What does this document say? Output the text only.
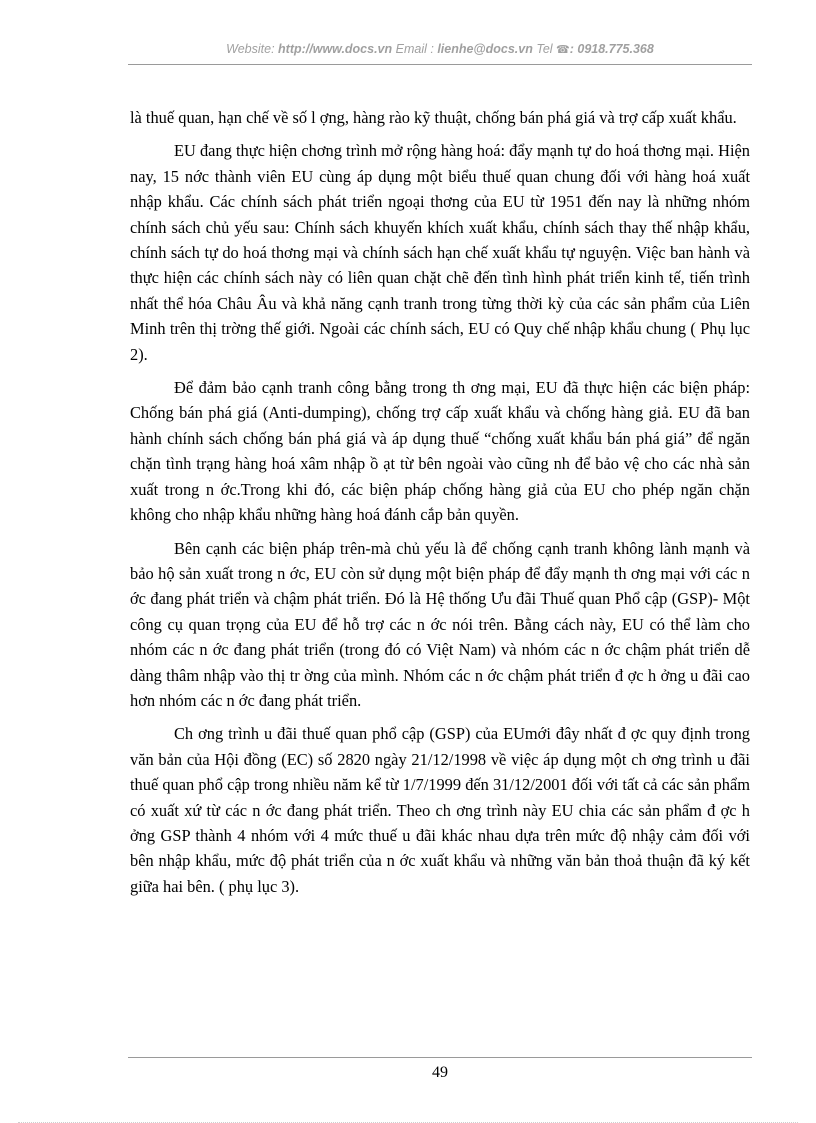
Website: http://www.docs.vn Email : lienhe@docs.vn Tel ☎: 0918.775.368

là thuế quan, hạn chế về số l ợng, hàng rào kỹ thuật, chống bán phá giá và trợ cấp xuất khẩu.

EU đang thực hiện chơng trình mở rộng hàng hoá: đẩy mạnh tự do hoá thơng mại. Hiện nay, 15 nớc thành viên EU cùng áp dụng một biểu thuế quan chung đối với hàng hoá xuất nhập khẩu. Các chính sách phát triển ngoại thơng của EU từ 1951 đến nay là những nhóm chính sách chủ yếu sau: Chính sách khuyến khích xuất khẩu, chính sách thay thế nhập khẩu, chính sách tự do hoá thơng mại và chính sách hạn chế xuất khẩu tự nguyện. Việc ban hành và thực hiện các chính sách này có liên quan chặt chẽ đến tình hình phát triển kinh tế, tiến trình nhất thể hóa Châu Âu và khả năng cạnh tranh trong từng thời kỳ của các sản phẩm của Liên Minh trên thị trờng thế giới. Ngoài các chính sách, EU có Quy chế nhập khẩu chung ( Phụ lục 2).

Để đảm bảo cạnh tranh công bằng trong th ơng mại, EU đã thực hiện các biện pháp: Chống bán phá giá (Anti-dumping), chống trợ cấp xuất khẩu và chống hàng giả. EU đã ban hành chính sách chống bán phá giá và áp dụng thuế “chống xuất khẩu bán phá giá” để ngăn chặn tình trạng hàng hoá xâm nhập ồ ạt từ bên ngoài vào cũng nh để bảo vệ cho các nhà sản xuất trong n ớc.Trong khi đó, các biện pháp chống hàng giả của EU cho phép ngăn chặn không cho nhập khẩu những hàng hoá đánh cắp bản quyền.

Bên cạnh các biện pháp trên-mà chủ yếu là để chống cạnh tranh không lành mạnh và bảo hộ sản xuất trong n ớc, EU còn sử dụng một biện pháp để đẩy mạnh th ơng mại với các n ớc đang phát triển và chậm phát triển. Đó là Hệ thống Ưu đãi Thuế quan Phổ cập (GSP)- Một công cụ quan trọng của EU để hỗ trợ các n ớc nói trên. Bằng cách này, EU có thể làm cho nhóm các n ớc đang phát triển (trong đó có Việt Nam) và nhóm các n ớc chậm phát triển dễ dàng thâm nhập vào thị tr ờng của mình. Nhóm các n ớc chậm phát triển đ ợc h ởng u đãi cao hơn nhóm các n ớc đang phát triển.

Ch ơng trình u đãi thuế quan phổ cập (GSP) của EUmới đây nhất đ ợc quy định trong văn bản của Hội đồng (EC) số 2820 ngày 21/12/1998 về việc áp dụng một ch ơng trình u đãi thuế quan phổ cập trong nhiều năm kể từ 1/7/1999 đến 31/12/2001 đối với tất cả các sản phẩm có xuất xứ từ các n ớc đang phát triển. Theo ch ơng trình này EU chia các sản phẩm đ ợc h ởng GSP thành 4 nhóm với 4 mức thuế u đãi khác nhau dựa trên mức độ nhậy cảm đối với bên nhập khẩu, mức độ phát triển của n ớc xuất khẩu và những văn bản thoả thuận đã ký kết giữa hai bên. ( phụ lục 3).

49
